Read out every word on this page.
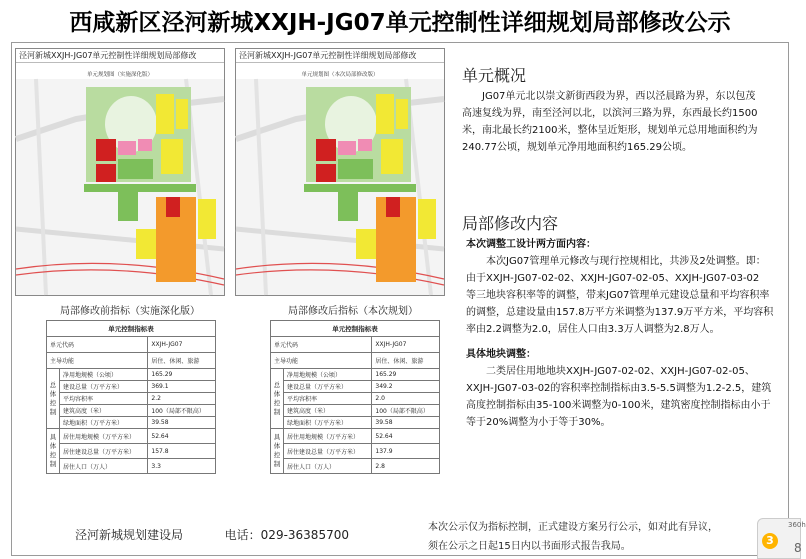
西咸新区泾河新城XXJH-JG07单元控制性详细规划局部修改公示
泾河新城XXJH-JG07单元控制性详细规划局部修改
单元规划图（实施深化版）
泾河新城XXJH-JG07单元控制性详细规划局部修改
单元规划图（本次局部修改版）
局部修改前指标（实施深化版）	局部修改后指标（本次规划）
单元控制指标表		
单元代码		XXJH-JG07
主导功能		居住、休闲、旅游
总体控制	净用地规模（公顷）	165.29
	建设总量（万平方米）	369.1
	平均容积率	2.2
	建筑高度（米）	100（局部不限高）
	绿地面积（万平方米）	39.58
具体控制	居住用地规模（万平方米）	52.64
	居住建设总量（万平方米）	157.8
	居住人口（万人）	3.3
单元控制指标表		
单元代码		XXJH-JG07
主导功能		居住、休闲、旅游
总体控制	净用地规模（公顷）	165.29
	建设总量（万平方米）	349.2
	平均容积率	2.0
	建筑高度（米）	100（局部不限高）
	绿地面积（万平方米）	39.58
具体控制	居住用地规模（万平方米）	52.64
	居住建设总量（万平方米）	137.9
	居住人口（万人）	2.8
单元概况
JG07单元北以崇文新街西段为界，西以泾晨路为界，东以包茂
高速复线为界，南至泾河以北，以滨河三路为界，东西最长约1500
米，南北最长约2100米，整体呈近矩形，规划单元总用地面积约为
240.77公顷，规划单元净用地面积约165.29公顷。
局部修改内容
本次调整工设计两方面内容：
本次JG07管理单元修改与现行控规相比，共涉及2处调整。即：
由于XXJH-JG07-02-02、XXJH-JG07-02-05、XXJH-JG07-03-02
等三地块容积率等的调整，带来JG07管理单元建设总量和平均容积率
的调整，总建设量由157.8万平方米调整为137.9万平方米，平均容积
率由2.2调整为2.0，居住人口由3.3万人调整为2.8万人。
具体地块调整：
二类居住用地地块XXJH-JG07-02-02、XXJH-JG07-02-05、
XXJH-JG07-03-02的容积率控制指标由3.5-5.5调整为1.2-2.5，建筑
高度控制指标由35-100米调整为0-100米，建筑密度控制指标由小于
等于20%调整为小于等于30%。
泾河新城规划建设局	电话：029-36385700
本次公示仅为指标控制，正式建设方案另行公示，如对此有异议，
须在公示之日起15日内以书面形式报告我局。	3
360h
8
